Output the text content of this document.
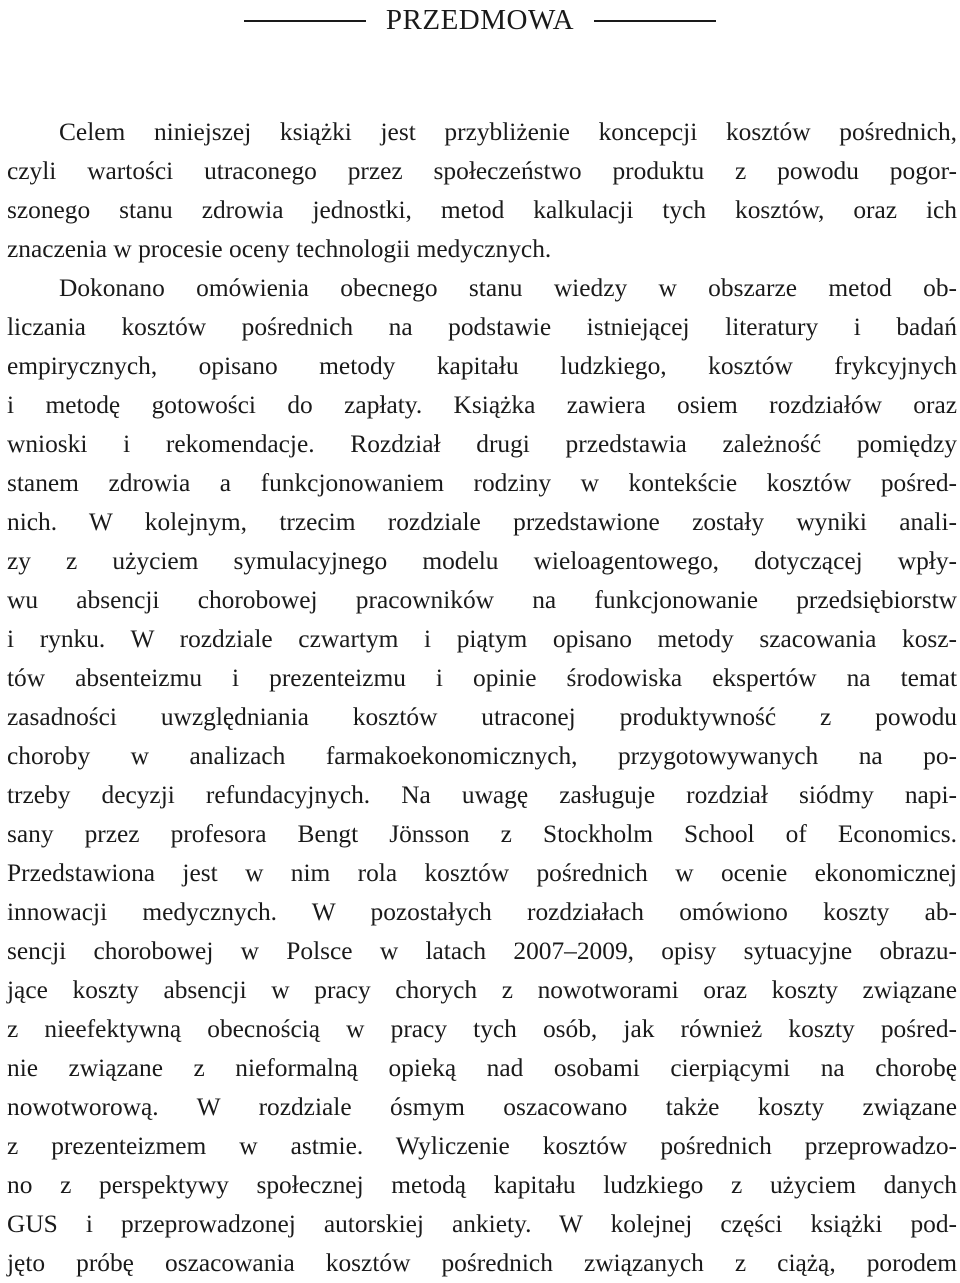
PRZEDMOWA

Celem niniejszej książki jest przybliżenie koncepcji kosztów pośrednich,
czyli wartości utraconego przez społeczeństwo produktu z powodu pogor-
szonego stanu zdrowia jednostki, metod kalkulacji tych kosztów, oraz ich
znaczenia w procesie oceny technologii medycznych.

Dokonano omówienia obecnego stanu wiedzy w obszarze metod ob-
liczania kosztów pośrednich na podstawie istniejącej literatury i badań
empirycznych, opisano metody kapitału ludzkiego, kosztów frykcyjnych
i metodę gotowości do zapłaty. Książka zawiera osiem rozdziałów oraz
wnioski i rekomendacje. Rozdział drugi przedstawia zależność pomiędzy
stanem zdrowia a funkcjonowaniem rodziny w kontekście kosztów pośred-
nich. W kolejnym, trzecim rozdziale przedstawione zostały wyniki anali-
zy z użyciem symulacyjnego modelu wieloagentowego, dotyczącej wpły-
wu absencji chorobowej pracowników na funkcjonowanie przedsiębiorstw
i rynku. W rozdziale czwartym i piątym opisano metody szacowania kosz-
tów absenteizmu i prezenteizmu i opinie środowiska ekspertów na temat
zasadności uwzględniania kosztów utraconej produktywność z powodu
choroby w analizach farmakoekonomicznych, przygotowywanych na po-
trzeby decyzji refundacyjnych. Na uwagę zasługuje rozdział siódmy napi-
sany przez profesora Bengt Jönsson z Stockholm School of Economics.
Przedstawiona jest w nim rola kosztów pośrednich w ocenie ekonomicznej
innowacji medycznych. W pozostałych rozdziałach omówiono koszty ab-
sencji chorobowej w Polsce w latach 2007–2009, opisy sytuacyjne obrazu-
jące koszty absencji w pracy chorych z nowotworami oraz koszty związane
z nieefektywną obecnością w pracy tych osób, jak również koszty pośred-
nie związane z nieformalną opieką nad osobami cierpiącymi na chorobę
nowotworową. W rozdziale ósmym oszacowano także koszty związane
z prezenteizmem w astmie. Wyliczenie kosztów pośrednich przeprowadzo-
no z perspektywy społecznej metodą kapitału ludzkiego z użyciem danych
GUS i przeprowadzonej autorskiej ankiety. W kolejnej części książki pod-
jęto próbę oszacowania kosztów pośrednich związanych z ciążą, porodem
